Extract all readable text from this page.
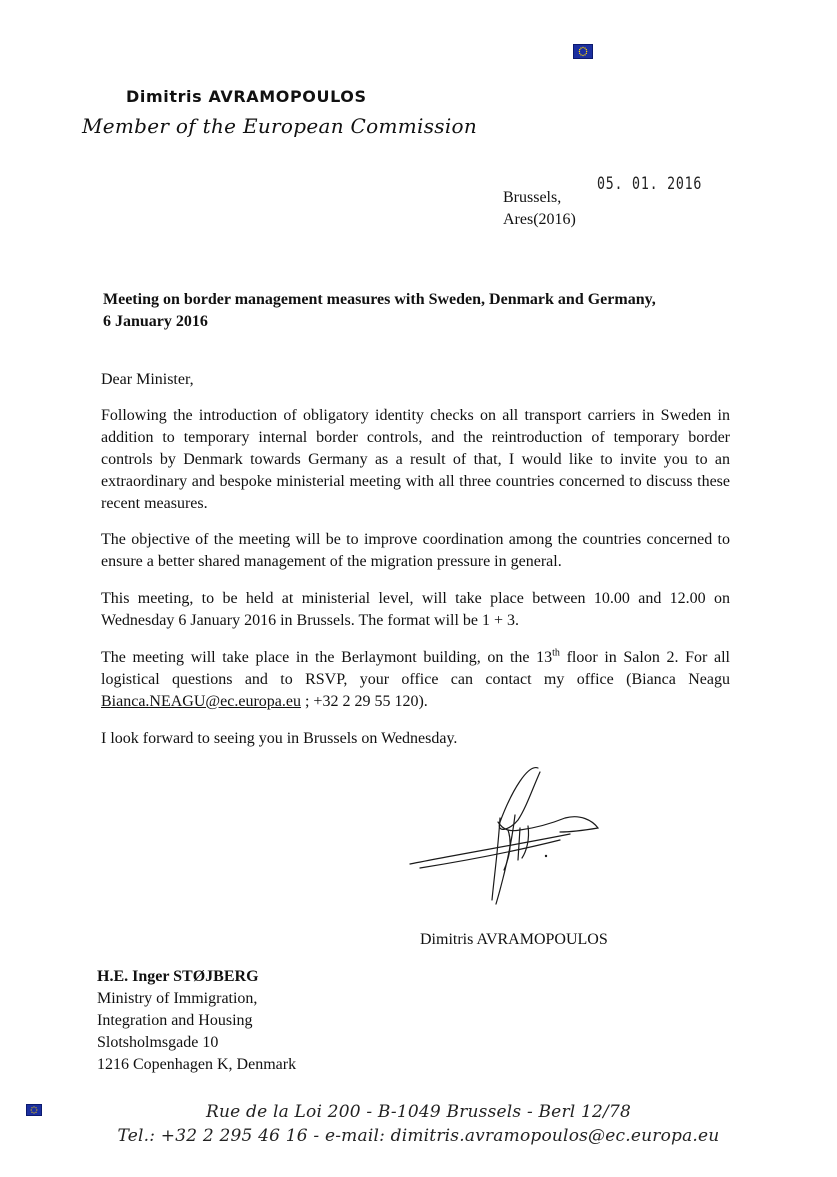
Dimitris AVRAMOPOULOS
Member of the European Commission
05. 01. 2016
Brussels,
Ares(2016)
Meeting on border management measures with Sweden, Denmark and Germany,
6 January 2016

Dear Minister,

Following the introduction of obligatory identity checks on all transport carriers in Sweden in addition to temporary internal border controls, and the reintroduction of temporary border controls by Denmark towards Germany as a result of that, I would like to invite you to an extraordinary and bespoke ministerial meeting with all three countries concerned to discuss these recent measures.

The objective of the meeting will be to improve coordination among the countries concerned to ensure a better shared management of the migration pressure in general.

This meeting, to be held at ministerial level, will take place between 10.00 and 12.00 on Wednesday 6 January 2016 in Brussels. The format will be 1 + 3.

The meeting will take place in the Berlaymont building, on the 13th floor in Salon 2. For all logistical questions and to RSVP, your office can contact my office (Bianca Neagu Bianca.NEAGU@ec.europa.eu ; +32 2 29 55 120).

I look forward to seeing you in Brussels on Wednesday.

Dimitris AVRAMOPOULOS
H.E. Inger STØJBERG
Ministry of Immigration,
Integration and Housing
Slotsholmsgade 10
1216 Copenhagen K, Denmark
Rue de la Loi 200 - B-1049 Brussels - Berl 12/78
Tel.: +32 2 295 46 16 - e-mail: dimitris.avramopoulos@ec.europa.eu
